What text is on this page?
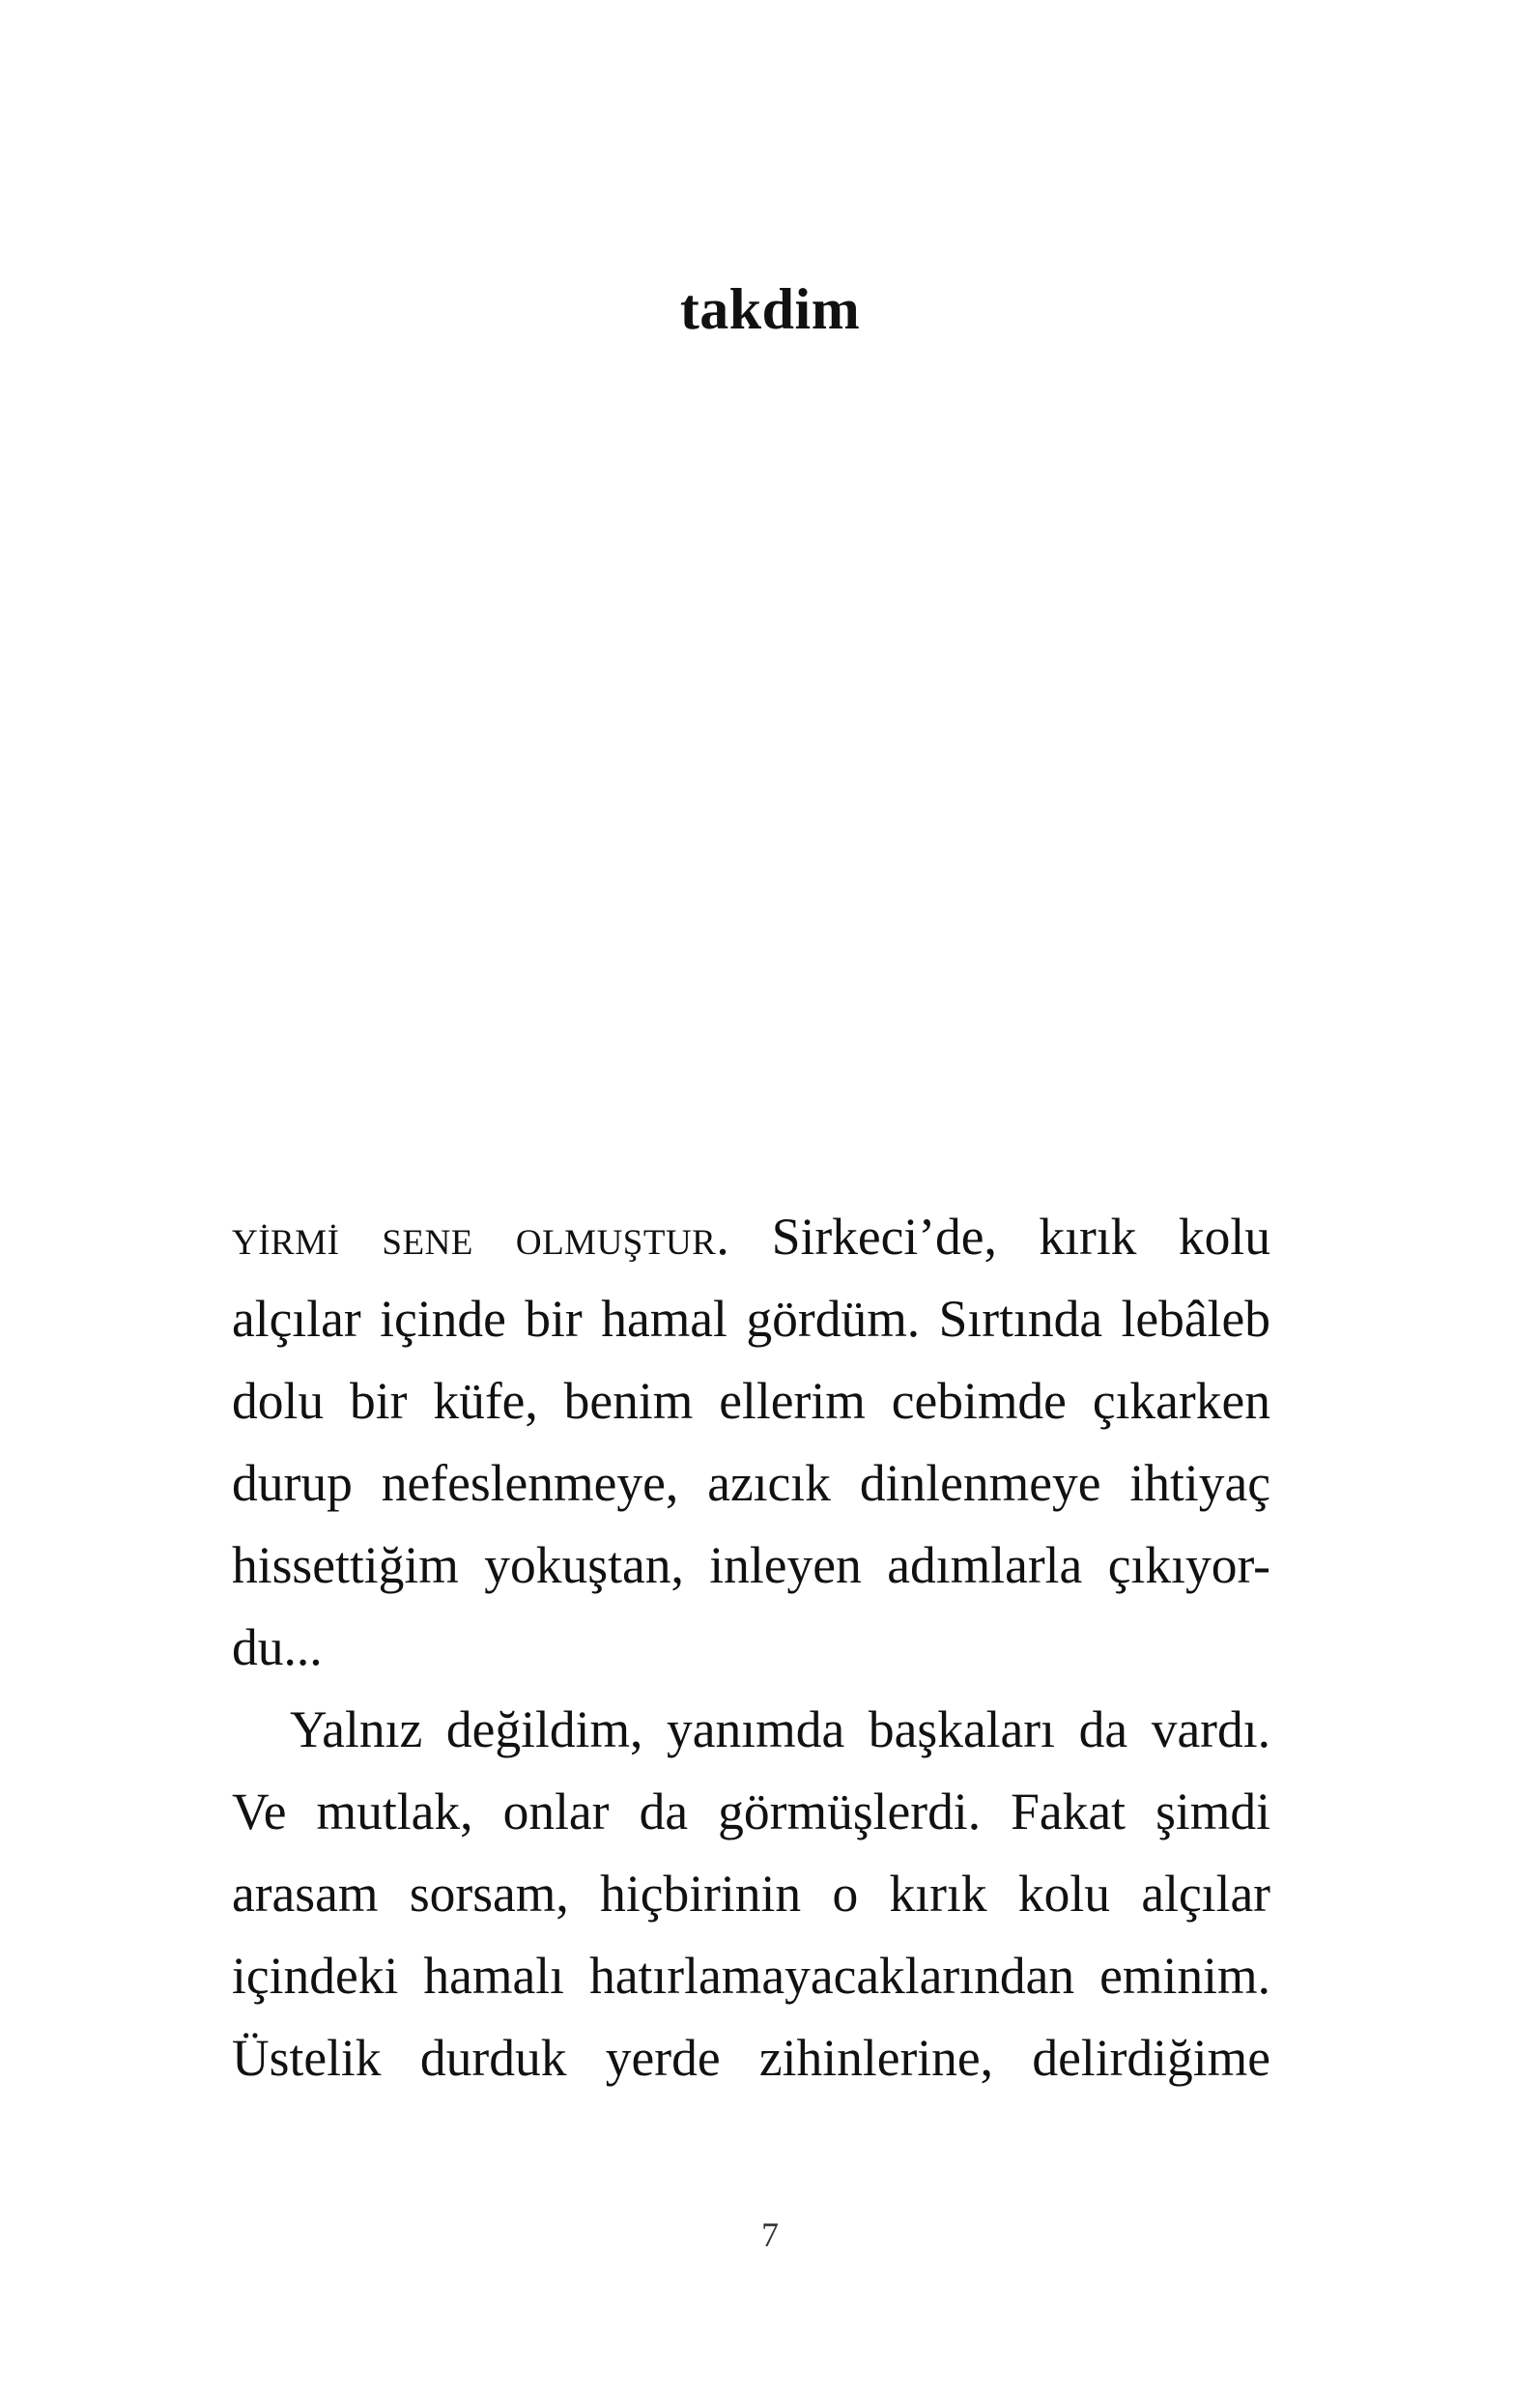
takdim
yi̇rmi̇ sene olmuştur. Sirkeci’de, kırık kolu
alçılar içinde bir hamal gördüm. Sırtında lebâleb
dolu bir küfe, benim ellerim cebimde çıkarken
durup nefeslenmeye, azıcık dinlenmeye ihtiyaç
hissettiğim yokuştan, inleyen adımlarla çıkıyor-
du...
Yalnız değildim, yanımda başkaları da vardı.
Ve mutlak, onlar da görmüşlerdi. Fakat şimdi
arasam sorsam, hiçbirinin o kırık kolu alçılar
içindeki hamalı hatırlamayacaklarından eminim.
Üstelik durduk yerde zihinlerine, delirdiğime
7
